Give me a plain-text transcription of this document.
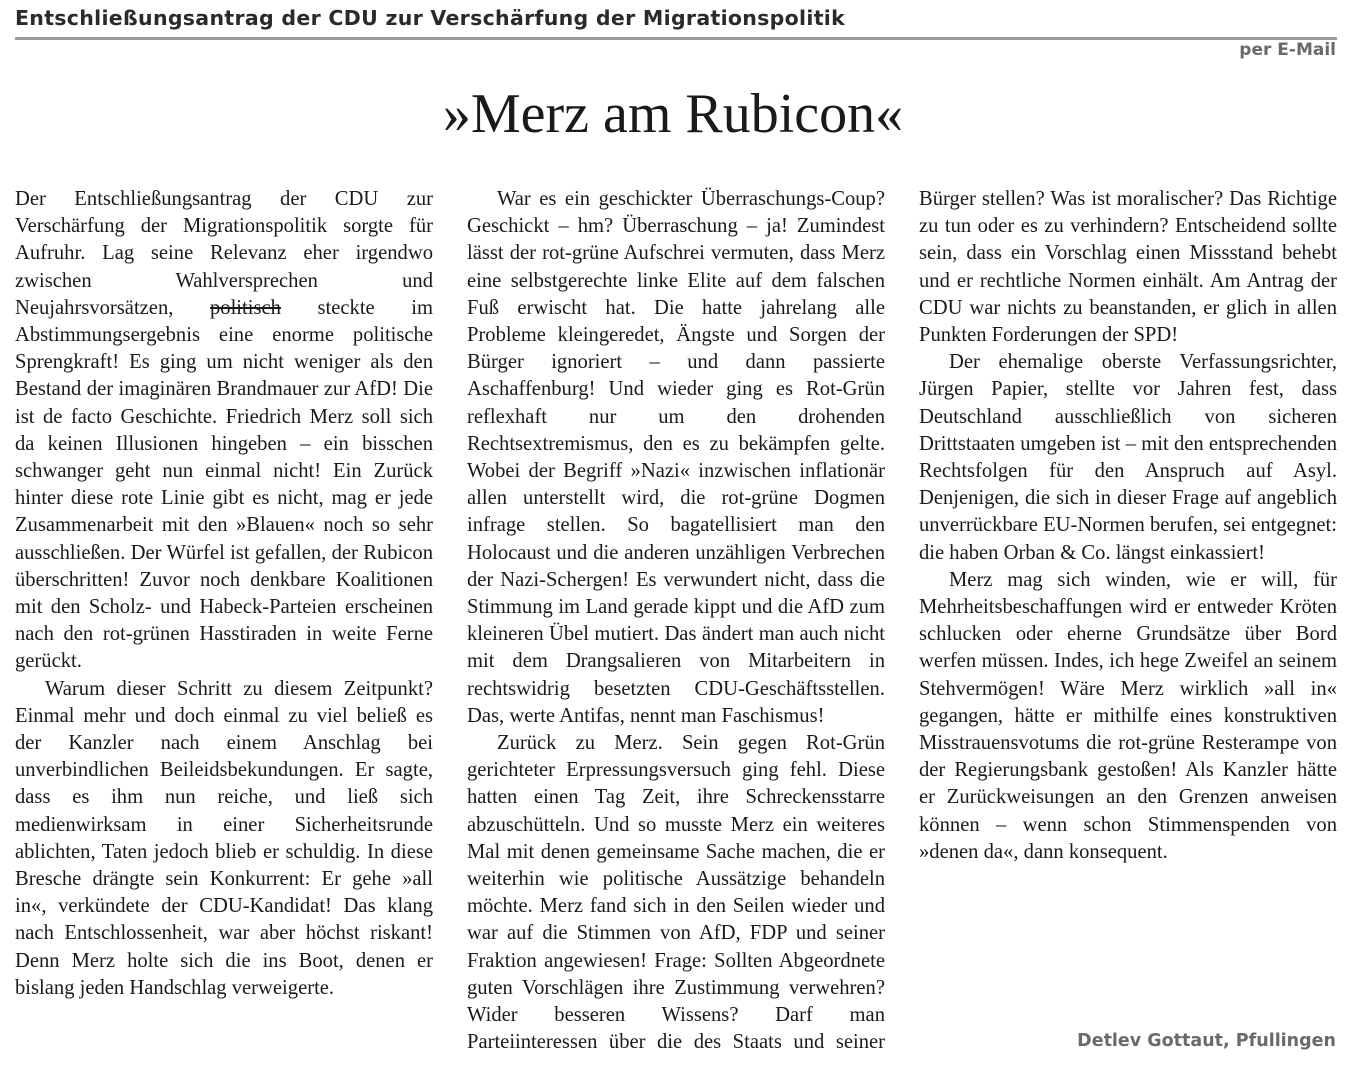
Entschließungsantrag der CDU zur Verschärfung der Migrationspolitik
per E-Mail
»Merz am Rubicon«

Der Entschließungsantrag der CDU zur Verschärfung der Migrationspolitik sorgte für Aufruhr. Lag seine Relevanz eher irgendwo zwischen Wahlversprechen und Neujahrsvorsätzen, politisch steckte im Abstimmungsergebnis eine enorme politische Sprengkraft! Es ging um nicht weniger als den Bestand der imaginären Brandmauer zur AfD! Die ist de facto Geschichte. Friedrich Merz soll sich da keinen Illusionen hingeben – ein bisschen schwanger geht nun einmal nicht! Ein Zurück hinter diese rote Linie gibt es nicht, mag er jede Zusammenarbeit mit den »Blauen« noch so sehr ausschließen. Der Würfel ist gefallen, der Rubicon überschritten! Zuvor noch denkbare Koalitionen mit den Scholz- und Habeck-Parteien erscheinen nach den rot-grünen Hasstiraden in weite Ferne gerückt.

Warum dieser Schritt zu diesem Zeitpunkt? Einmal mehr und doch einmal zu viel beließ es der Kanzler nach einem Anschlag bei unverbindlichen Beileidsbekundungen. Er sagte, dass es ihm nun reiche, und ließ sich medienwirksam in einer Sicherheitsrunde ablichten, Taten jedoch blieb er schuldig. In diese Bresche drängte sein Konkurrent: Er gehe »all in«, verkündete der CDU-Kandidat! Das klang nach Entschlossenheit, war aber höchst riskant! Denn Merz holte sich die ins Boot, denen er bislang jeden Handschlag verweigerte.

War es ein geschickter Überraschungs-Coup? Geschickt – hm? Überraschung – ja! Zumindest lässt der rot-grüne Aufschrei vermuten, dass Merz eine selbstgerechte linke Elite auf dem falschen Fuß erwischt hat. Die hatte jahrelang alle Probleme kleingeredet, Ängste und Sorgen der Bürger ignoriert – und dann passierte Aschaffenburg! Und wieder ging es Rot-Grün reflexhaft nur um den drohenden Rechtsextremismus, den es zu bekämpfen gelte. Wobei der Begriff »Nazi« inzwischen inflationär allen unterstellt wird, die rot-grüne Dogmen infrage stellen. So bagatellisiert man den Holocaust und die anderen unzähligen Verbrechen der Nazi-Schergen! Es verwundert nicht, dass die Stimmung im Land gerade kippt und die AfD zum kleineren Übel mutiert. Das ändert man auch nicht mit dem Drangsalieren von Mitarbeitern in rechtswidrig besetzten CDU-Geschäftsstellen. Das, werte Antifas, nennt man Faschismus!

Zurück zu Merz. Sein gegen Rot-Grün gerichteter Erpressungsversuch ging fehl. Diese hatten einen Tag Zeit, ihre Schreckensstarre abzuschütteln. Und so musste Merz ein weiteres Mal mit denen gemeinsame Sache machen, die er weiterhin wie politische Aussätzige behandeln möchte. Merz fand sich in den Seilen wieder und war auf die Stimmen von AfD, FDP und seiner Fraktion angewiesen! Frage: Sollten Abgeordnete guten Vorschlägen ihre Zustimmung verwehren? Wider besseren Wissens? Darf man Parteiinteressen über die des Staats und seiner

Bürger stellen? Was ist moralischer? Das Richtige zu tun oder es zu verhindern? Entscheidend sollte sein, dass ein Vorschlag einen Missstand behebt und er rechtliche Normen einhält. Am Antrag der CDU war nichts zu beanstanden, er glich in allen Punkten Forderungen der SPD!

Der ehemalige oberste Verfassungsrichter, Jürgen Papier, stellte vor Jahren fest, dass Deutschland ausschließlich von sicheren Drittstaaten umgeben ist – mit den entsprechenden Rechtsfolgen für den Anspruch auf Asyl. Denjenigen, die sich in dieser Frage auf angeblich unverrückbare EU-Normen berufen, sei entgegnet: die haben Orban & Co. längst einkassiert!

Merz mag sich winden, wie er will, für Mehrheitsbeschaffungen wird er entweder Kröten schlucken oder eherne Grundsätze über Bord werfen müssen. Indes, ich hege Zweifel an seinem Stehvermögen! Wäre Merz wirklich »all in« gegangen, hätte er mithilfe eines konstruktiven Misstrauensvotums die rot-grüne Resterampe von der Regierungsbank gestoßen! Als Kanzler hätte er Zurückweisungen an den Grenzen anweisen können – wenn schon Stimmenspenden von »denen da«, dann konsequent.

Detlev Gottaut, Pfullingen
